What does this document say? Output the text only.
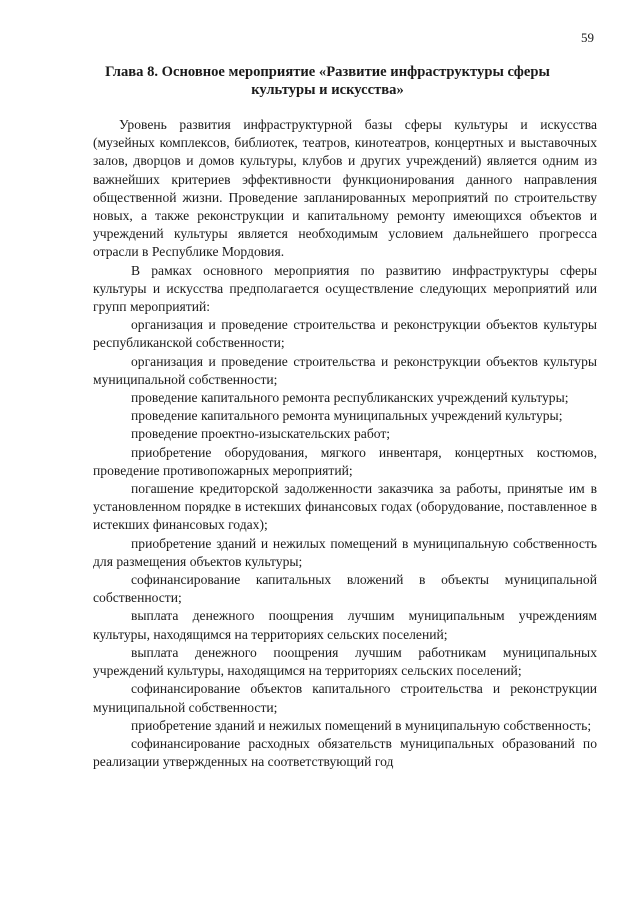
59
Глава 8. Основное мероприятие «Развитие инфраструктуры сферы
культуры и искусства»

Уровень развития инфраструктурной базы сферы культуры и искусства (музейных комплексов, библиотек, театров, кинотеатров, концертных и выставочных залов, дворцов и домов культуры, клубов и других учреждений) является одним из важнейших критериев эффективности функционирования данного направления общественной жизни. Проведение запланированных мероприятий по строительству новых, а также реконструкции и капитальному ремонту имеющихся объектов и учреждений культуры является необходимым условием дальнейшего прогресса отрасли в Республике Мордовия.

В рамках основного мероприятия по развитию инфраструктуры сферы культуры и искусства предполагается осуществление следующих мероприятий или групп мероприятий:

организация и проведение строительства и реконструкции объектов культуры республиканской собственности;

организация и проведение строительства и реконструкции объектов культуры муниципальной собственности;

проведение капитального ремонта республиканских учреждений культуры;

проведение капитального ремонта муниципальных учреждений культуры;

проведение проектно-изыскательских работ;

приобретение оборудования, мягкого инвентаря, концертных костюмов, проведение противопожарных мероприятий;

погашение кредиторской задолженности заказчика за работы, принятые им в установленном порядке в истекших финансовых годах (оборудование, поставленное в истекших финансовых годах);

приобретение зданий и нежилых помещений в муниципальную собственность для размещения объектов культуры;

софинансирование капитальных вложений в объекты муниципальной собственности;

выплата денежного поощрения лучшим муниципальным учреждениям культуры, находящимся на территориях сельских поселений;

выплата денежного поощрения лучшим работникам муниципальных учреждений культуры, находящимся на территориях сельских поселений;

софинансирование объектов капитального строительства и реконструкции муниципальной собственности;

приобретение зданий и нежилых помещений в муниципальную собственность;

софинансирование расходных обязательств муниципальных образований по реализации утвержденных на соответствующий год
